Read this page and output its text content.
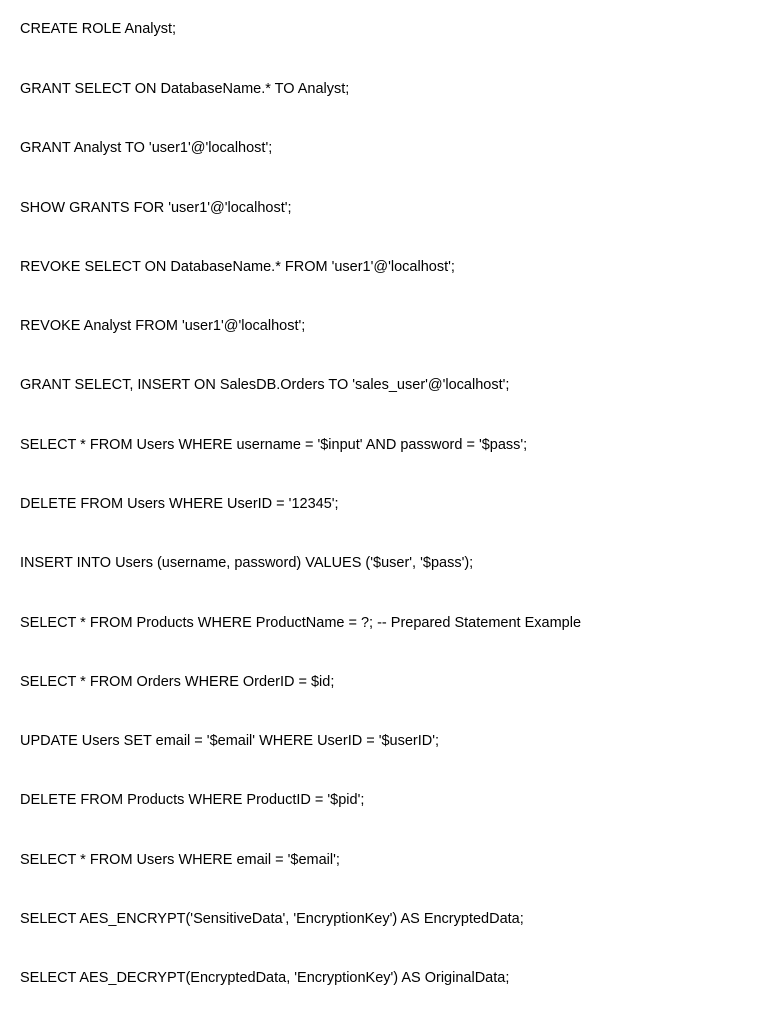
CREATE ROLE Analyst;
GRANT SELECT ON DatabaseName.* TO Analyst;
GRANT Analyst TO 'user1'@'localhost';
SHOW GRANTS FOR 'user1'@'localhost';
REVOKE SELECT ON DatabaseName.* FROM 'user1'@'localhost';
REVOKE Analyst FROM 'user1'@'localhost';
GRANT SELECT, INSERT ON SalesDB.Orders TO 'sales_user'@'localhost';
SELECT * FROM Users WHERE username = '$input' AND password = '$pass';
DELETE FROM Users WHERE UserID = '12345';
INSERT INTO Users (username, password) VALUES ('$user', '$pass');
SELECT * FROM Products WHERE ProductName = ?; -- Prepared Statement Example
SELECT * FROM Orders WHERE OrderID = $id;
UPDATE Users SET email = '$email' WHERE UserID = '$userID';
DELETE FROM Products WHERE ProductID = '$pid';
SELECT * FROM Users WHERE email = '$email';
SELECT AES_ENCRYPT('SensitiveData', 'EncryptionKey') AS EncryptedData;
SELECT AES_DECRYPT(EncryptedData, 'EncryptionKey') AS OriginalData;
